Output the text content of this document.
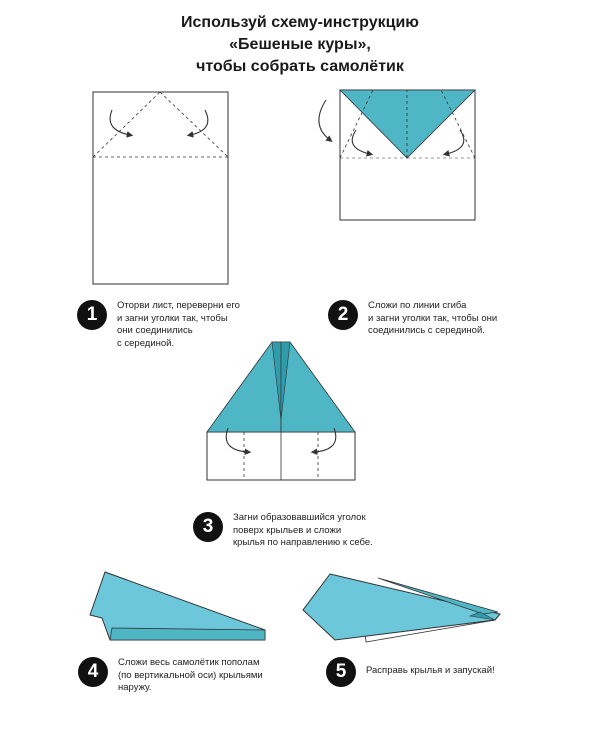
Используй схему-инструкцию
«Бешеные куры»,
чтобы собрать самолётик
1	Оторви лист, переверни его
и загни уголки так, чтобы
они соединились
с серединой.
2	Сложи по линии сгиба
и загни уголки так, чтобы они
соединились с серединой.
3	Загни образовавшийся уголок
поверх крыльев и сложи
крылья по направлению к себе.
4	Сложи весь самолётик пополам
(по вертикальной оси) крыльями
наружу.
5	Расправь крылья и запускай!
